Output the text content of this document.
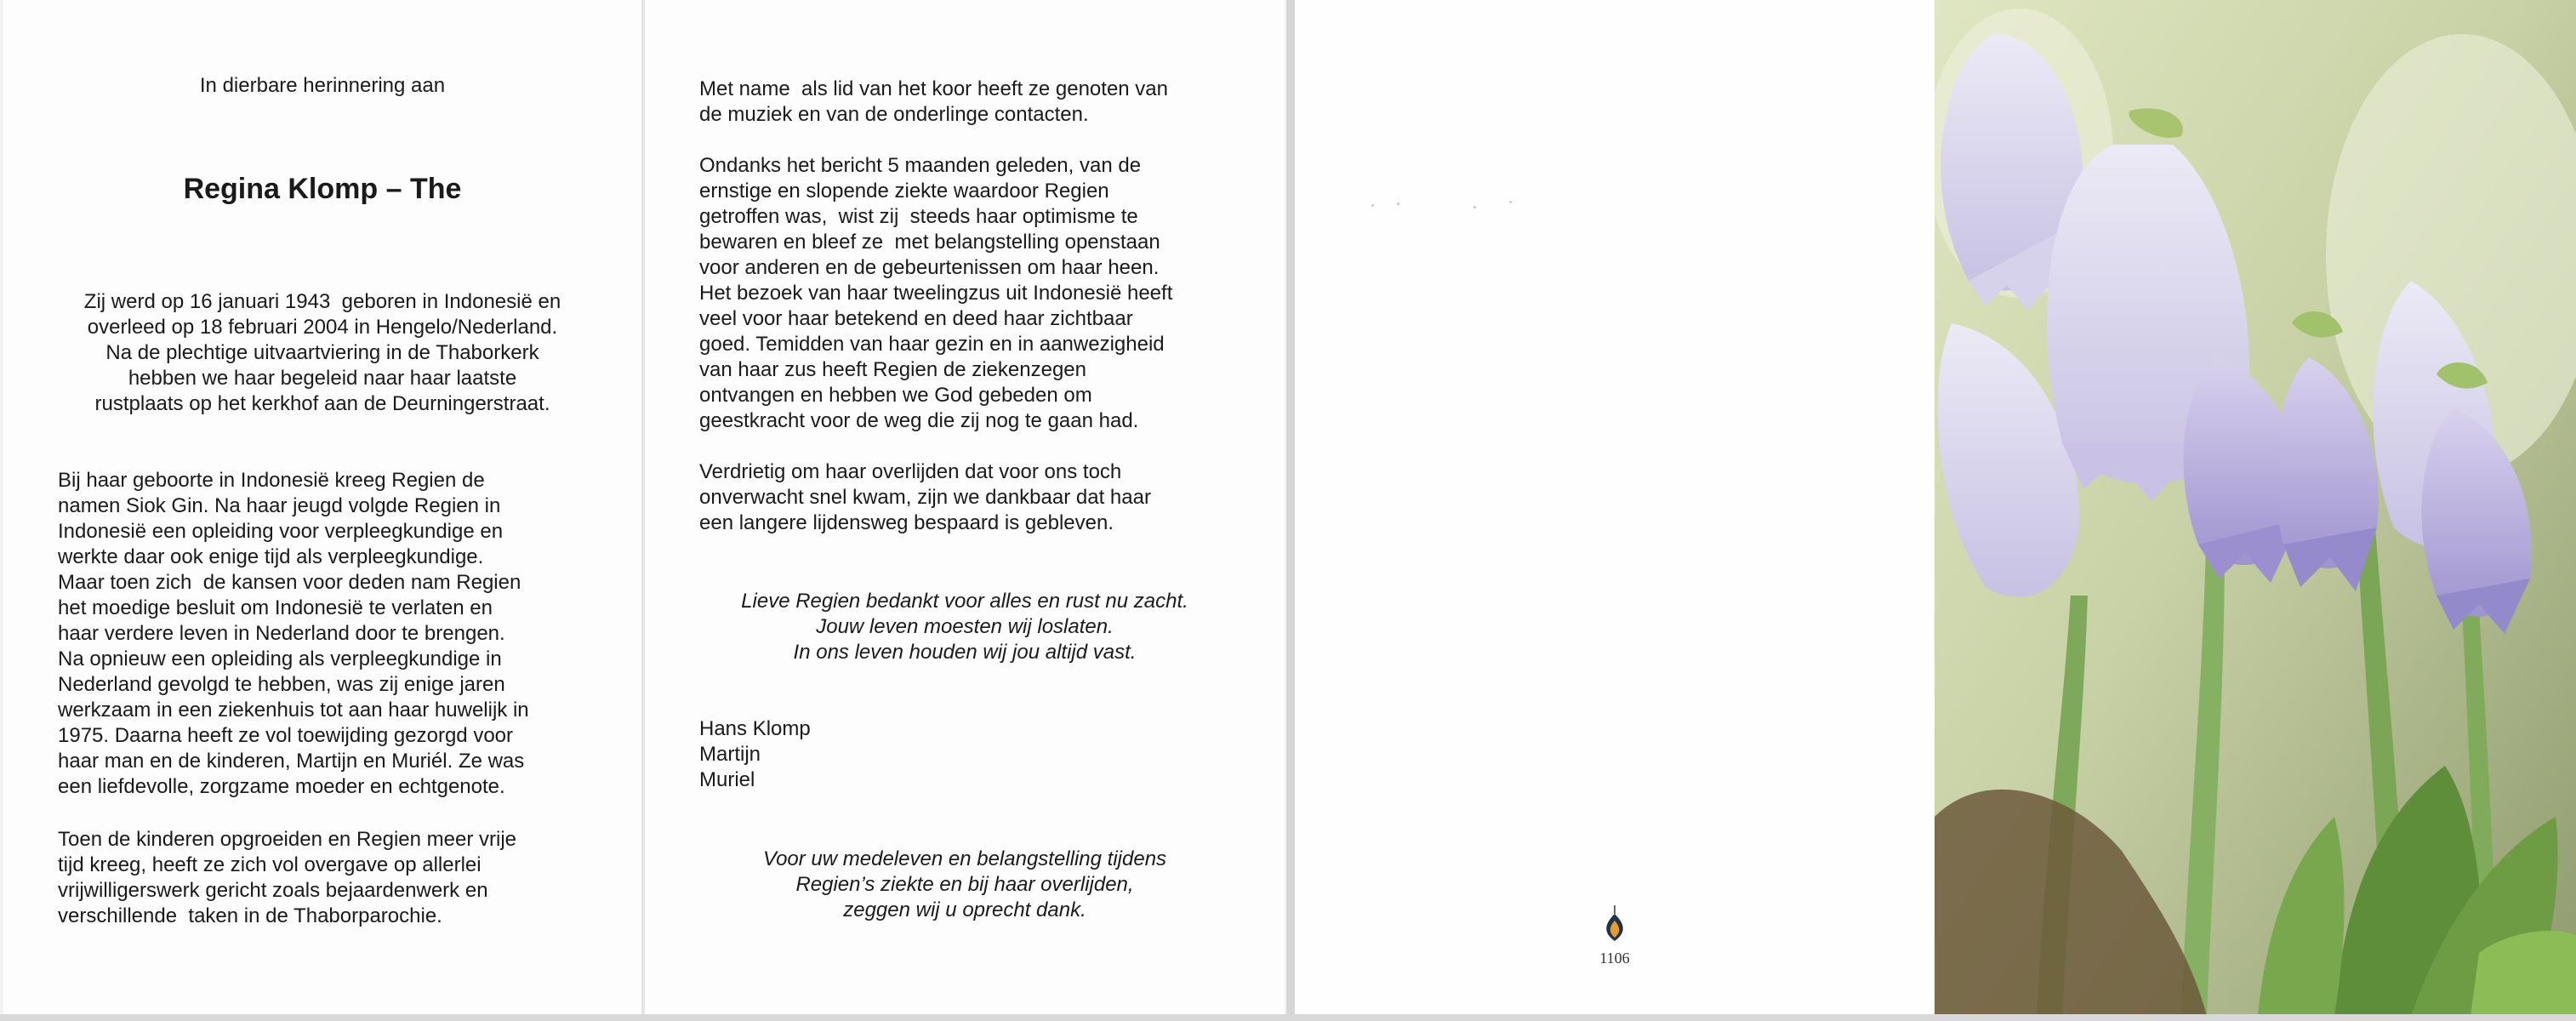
In dierbare herinnering aan
Regina Klomp – The
Zij werd op 16 januari 1943  geboren in Indonesië en
overleed op 18 februari 2004 in Hengelo/Nederland.
Na de plechtige uitvaartviering in de Thaborkerk
hebben we haar begeleid naar haar laatste
rustplaats op het kerkhof aan de Deurningerstraat.
Bij haar geboorte in Indonesië kreeg Regien de
namen Siok Gin. Na haar jeugd volgde Regien in
Indonesië een opleiding voor verpleegkundige en
werkte daar ook enige tijd als verpleegkundige.
Maar toen zich  de kansen voor deden nam Regien
het moedige besluit om Indonesië te verlaten en
haar verdere leven in Nederland door te brengen.
Na opnieuw een opleiding als verpleegkundige in
Nederland gevolgd te hebben, was zij enige jaren
werkzaam in een ziekenhuis tot aan haar huwelijk in
1975. Daarna heeft ze vol toewijding gezorgd voor
haar man en de kinderen, Martijn en Muriél. Ze was
een liefdevolle, zorgzame moeder en echtgenote.
Toen de kinderen opgroeiden en Regien meer vrije
tijd kreeg, heeft ze zich vol overgave op allerlei
vrijwilligerswerk gericht zoals bejaardenwerk en
verschillende  taken in de Thaborparochie.
Met name  als lid van het koor heeft ze genoten van
de muziek en van de onderlinge contacten.
Ondanks het bericht 5 maanden geleden, van de
ernstige en slopende ziekte waardoor Regien
getroffen was,  wist zij  steeds haar optimisme te
bewaren en bleef ze  met belangstelling openstaan
voor anderen en de gebeurtenissen om haar heen.
Het bezoek van haar tweelingzus uit Indonesië heeft
veel voor haar betekend en deed haar zichtbaar
goed. Temidden van haar gezin en in aanwezigheid
van haar zus heeft Regien de ziekenzegen
ontvangen en hebben we God gebeden om
geestkracht voor de weg die zij nog te gaan had.
Verdrietig om haar overlijden dat voor ons toch
onverwacht snel kwam, zijn we dankbaar dat haar
een langere lijdensweg bespaard is gebleven.
Lieve Regien bedankt voor alles en rust nu zacht.
Jouw leven moesten wij loslaten.
In ons leven houden wij jou altijd vast.
Hans Klomp
Martijn
Muriel
Voor uw medeleven en belangstelling tijdens
Regien’s ziekte en bij haar overlijden,
zeggen wij u oprecht dank.
1106
